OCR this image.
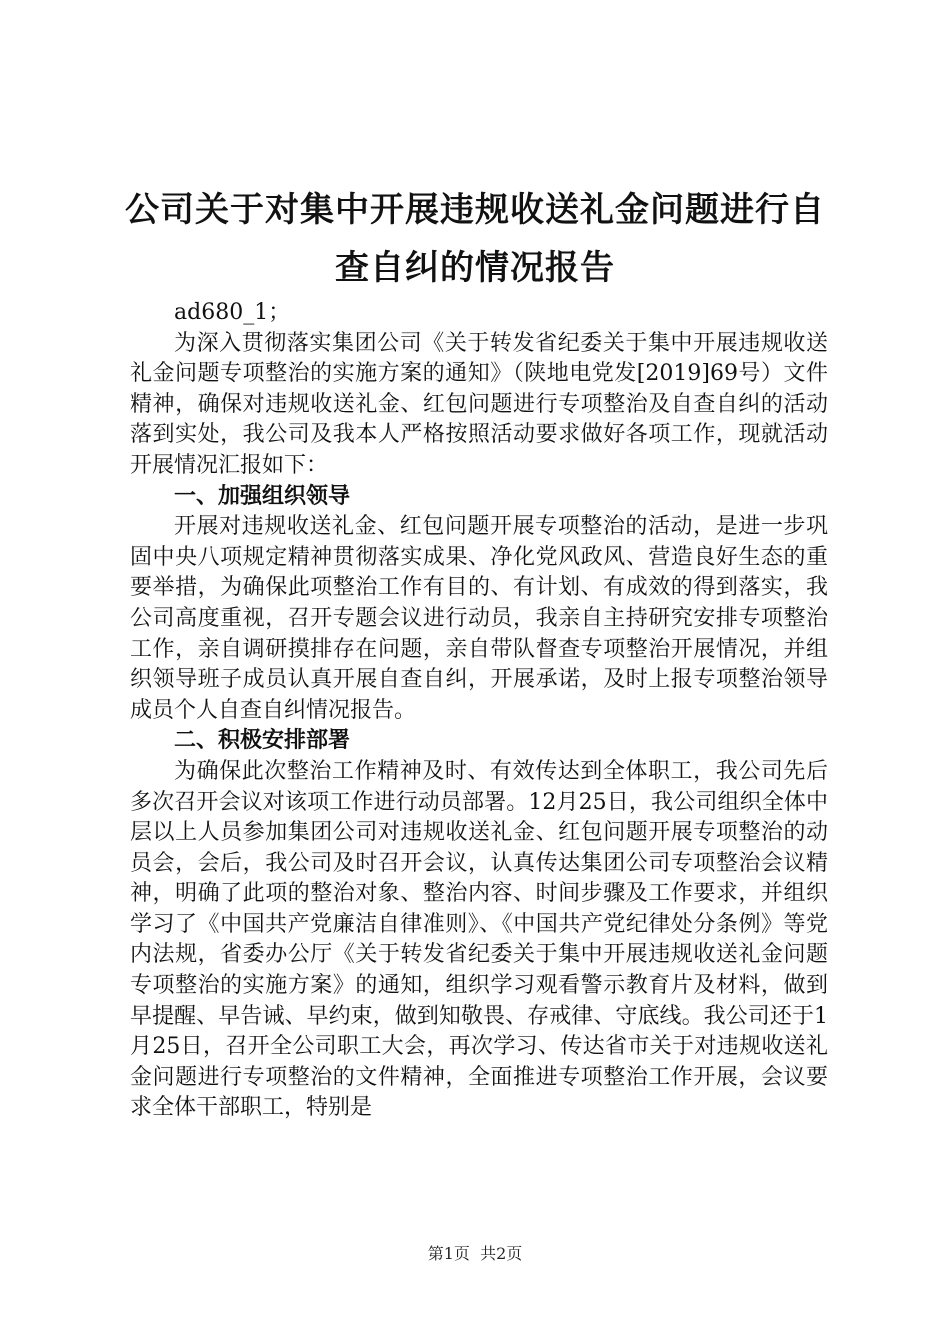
公司关于对集中开展违规收送礼金问题进行自
查自纠的情况报告

ad680_1；

为深入贯彻落实集团公司《关于转发省纪委关于集中开展违规收送礼金问题专项整治的实施方案的通知》（陕地电党发[2019]69号）文件精神，确保对违规收送礼金、红包问题进行专项整治及自查自纠的活动落到实处，我公司及我本人严格按照活动要求做好各项工作，现就活动开展情况汇报如下：

一、加强组织领导

开展对违规收送礼金、红包问题开展专项整治的活动，是进一步巩固中央八项规定精神贯彻落实成果、净化党风政风、营造良好生态的重要举措，为确保此项整治工作有目的、有计划、有成效的得到落实，我公司高度重视，召开专题会议进行动员，我亲自主持研究安排专项整治工作，亲自调研摸排存在问题，亲自带队督查专项整治开展情况，并组织领导班子成员认真开展自查自纠，开展承诺，及时上报专项整治领导成员个人自查自纠情况报告。

二、积极安排部署

为确保此次整治工作精神及时、有效传达到全体职工，我公司先后多次召开会议对该项工作进行动员部署。12月25日，我公司组织全体中层以上人员参加集团公司对违规收送礼金、红包问题开展专项整治的动员会，会后，我公司及时召开会议，认真传达集团公司专项整治会议精神，明确了此项的整治对象、整治内容、时间步骤及工作要求，并组织学习了《中国共产党廉洁自律准则》、《中国共产党纪律处分条例》等党内法规，省委办公厅《关于转发省纪委关于集中开展违规收送礼金问题专项整治的实施方案》的通知，组织学习观看警示教育片及材料，做到早提醒、早告诫、早约束，做到知敬畏、存戒律、守底线。我公司还于1月25日，召开全公司职工大会，再次学习、传达省市关于对违规收送礼金问题进行专项整治的文件精神，全面推进专项整治工作开展，会议要求全体干部职工，特别是

第1页  共2页
